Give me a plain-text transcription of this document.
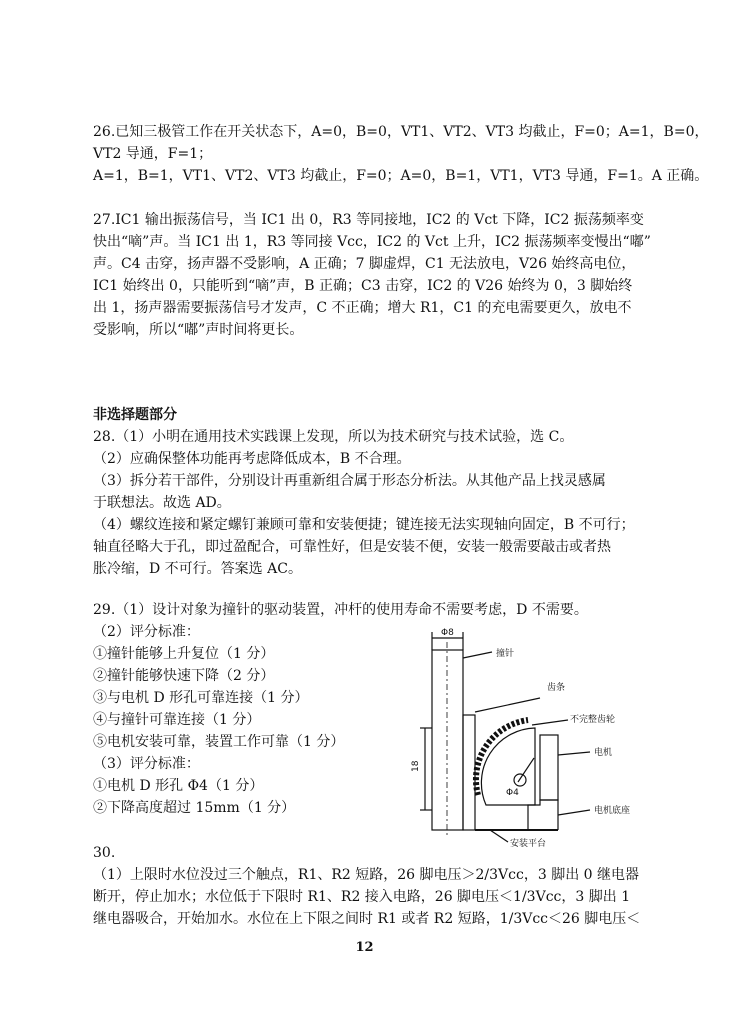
26.已知三极管工作在开关状态下，A=0，B=0，VT1、VT2、VT3 均截止，F=0；A=1，B=0，
VT2 导通，F=1；
A=1，B=1，VT1、VT2、VT3 均截止，F=0；A=0，B=1，VT1，VT3 导通，F=1。A 正确。
27.IC1 输出振荡信号，当 IC1 出 0，R3 等同接地，IC2 的 Vct 下降，IC2 振荡频率变
快出“嘀”声。当 IC1 出 1，R3 等同接 Vcc，IC2 的 Vct 上升，IC2 振荡频率变慢出“嘟”
声。C4 击穿，扬声器不受影响，A 正确；7 脚虚焊，C1 无法放电，V26 始终高电位，
IC1 始终出 0，只能听到“嘀”声，B 正确；C3 击穿，IC2 的 V26 始终为 0，3 脚始终
出 1，扬声器需要振荡信号才发声，C 不正确；增大 R1，C1 的充电需要更久，放电不
受影响，所以“嘟”声时间将更长。
非选择题部分
28.（1）小明在通用技术实践课上发现，所以为技术研究与技术试验，选 C。
（2）应确保整体功能再考虑降低成本，B 不合理。
（3）拆分若干部件，分别设计再重新组合属于形态分析法。从其他产品上找灵感属
于联想法。故选 AD。
（4）螺纹连接和紧定螺钉兼顾可靠和安装便捷；键连接无法实现轴向固定，B 不可行；
轴直径略大于孔，即过盈配合，可靠性好，但是安装不便，安装一般需要敲击或者热
胀冷缩，D 不可行。答案选 AC。
29.（1）设计对象为撞针的驱动装置，冲杆的使用寿命不需要考虑，D 不需要。
（2）评分标准：
①撞针能够上升复位（1 分）
②撞针能够快速下降（2 分）
③与电机 D 形孔可靠连接（1 分）
④与撞针可靠连接（1 分）
⑤电机安装可靠，装置工作可靠（1 分）
（3）评分标准：
①电机 D 形孔 Φ4（1 分）
②下降高度超过 15mm（1 分）
Φ8
齿条
撞针
18
Φ4
不完整齿轮
电机
电机底座
安装平台
30.
（1）上限时水位没过三个触点，R1、R2 短路，26 脚电压＞2/3Vcc，3 脚出 0 继电器
断开，停止加水；水位低于下限时 R1、R2 接入电路，26 脚电压＜1/3Vcc，3 脚出 1
继电器吸合，开始加水。水位在上下限之间时 R1 或者 R2 短路，1/3Vcc＜26 脚电压＜
12
